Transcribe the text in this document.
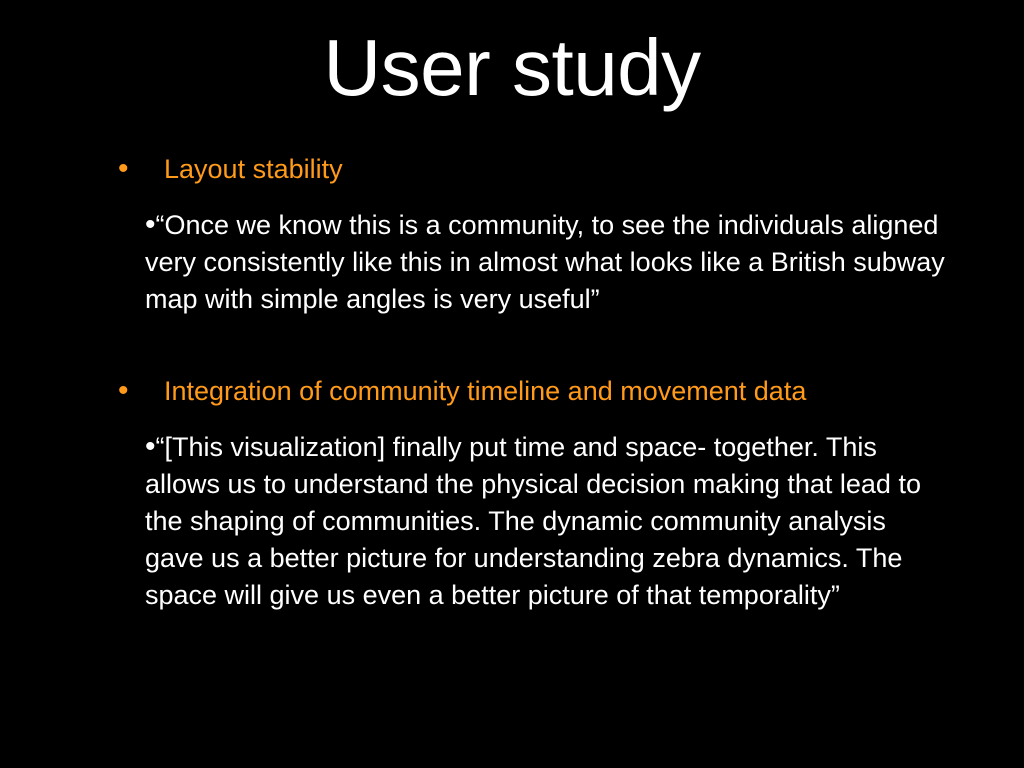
User study
• Layout stability
•“Once we know this is a community, to see the individuals aligned very consistently like this in almost what looks like a British subway map with simple angles is very useful”
• Integration of community timeline and movement data
•“[This visualization] finally put time and space- together. This allows us to understand the physical decision making that lead to the shaping of communities. The dynamic community analysis gave us a better picture for understanding zebra dynamics. The space will give us even a better picture of that temporality”
